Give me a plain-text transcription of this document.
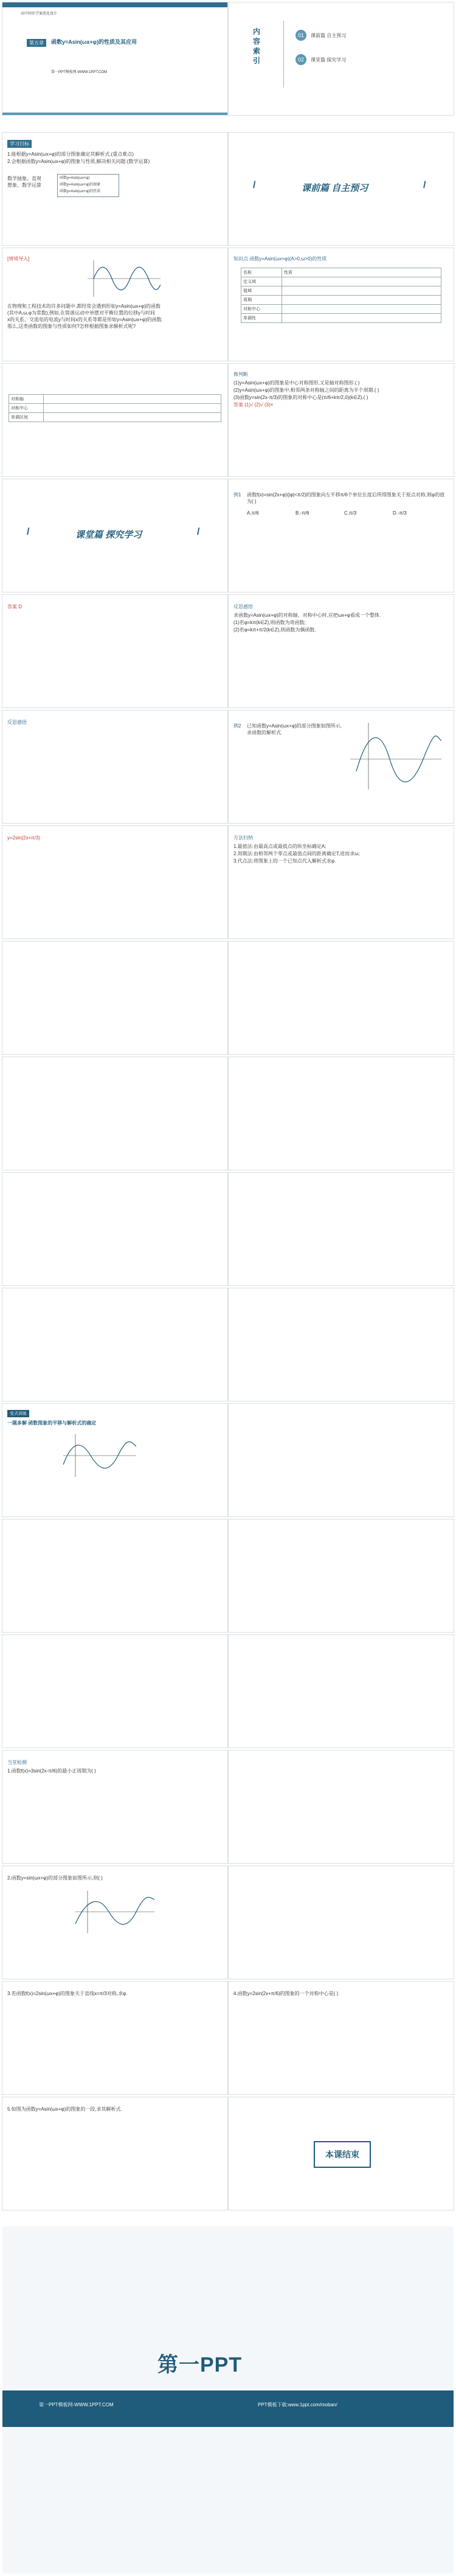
高中同步学案优化设计
第五章	函数y=Asin(ωx+φ)的性质及其应用
第一PPT模板网-WWW.1PPT.COM
内容索引
01	课前篇 自主预习
02	课堂篇 探究学习
学习目标
1.能根据y=Asin(ωx+φ)的部分图象确定其解析式.(重点难点)
2.会根据函数y=Asin(ωx+φ)的图象与性质,解决相关问题.(数学运算)
数学抽象、直观想象、数学运算
函数y=Asin(ωx+φ)
函数y=Asin(ωx+φ)的图象
函数y=Asin(ωx+φ)的性质
/	课前篇 自主预习	/
[情境导入]
在物理和工程技术的许多问题中,都经常会遇到形如y=Asin(ωx+φ)的函数
(其中A,ω,φ为常数),例如,在简谐运动中单摆对平衡位置的位移y与时间
x的关系、交流电的电流y与时间x的关系等都是形如y=Asin(ωx+φ)的函数.
那么,这类函数的图象与性质如何?怎样根据图象求解析式呢?
知识点 函数y=Asin(ωx+φ)(A>0,ω>0)的性质
名称	性质
定义域	
值域	
周期	
对称中心	
单调性	
对称轴	
对称中心	
单调区间	
微判断
(1)y=Asin(ωx+φ)的图象是中心对称图形,又是轴对称图形.( )
(2)y=Asin(ωx+φ)的图象中,相邻两条对称轴之间的距离为半个周期.( )
(3)函数y=sin(2x-π/3)的图象的对称中心是(π/6+kπ/2,0)(k∈Z).( )
答案 (1)√ (2)√ (3)×
/	课堂篇 探究学习	/
例1 函数f(x)=sin(2x+φ)(|φ|<π/2)的图象向左平移π/6个单位长度后所得图象关于原点对称,则φ的值为( )
A.π/6	B.-π/6	C.π/3	D.-π/3
答案 D	反思感悟
求函数y=Asin(ωx+φ)的对称轴、对称中心时,应把ωx+φ看成一个整体.
(1)若φ=kπ(k∈Z),则函数为奇函数;
(2)若φ=kπ+π/2(k∈Z),则函数为偶函数.
反思感悟
例2 已知函数y=Asin(ωx+φ)的部分图象如图所示,求函数的解析式.
y=2sin(2x+π/3)	方法归纳
1.最值法:由最高点或最低点的纵坐标确定A;
2.周期法:由相邻两个零点或最值点间的距离确定T,进而求ω;
3.代点法:将图象上的一个已知点代入解析式求φ.
变式训练
一题多解 函数图象的平移与解析式的确定
当堂检测
1.函数f(x)=3sin(2x-π/6)的最小正周期为( )
2.函数y=sin(ωx+φ)的部分图象如图所示,则( )
3.若函数f(x)=2sin(ωx+φ)的图象关于直线x=π/3对称,求φ.	4.函数y=2sin(2x+π/6)的图象的一个对称中心是( )
5.如图为函数y=Asin(ωx+φ)的图象的一段,求其解析式.
本课结束
第一PPT
第一PPT模板网-WWW.1PPT.COM	PPT模板下载:www.1ppt.com/moban/
